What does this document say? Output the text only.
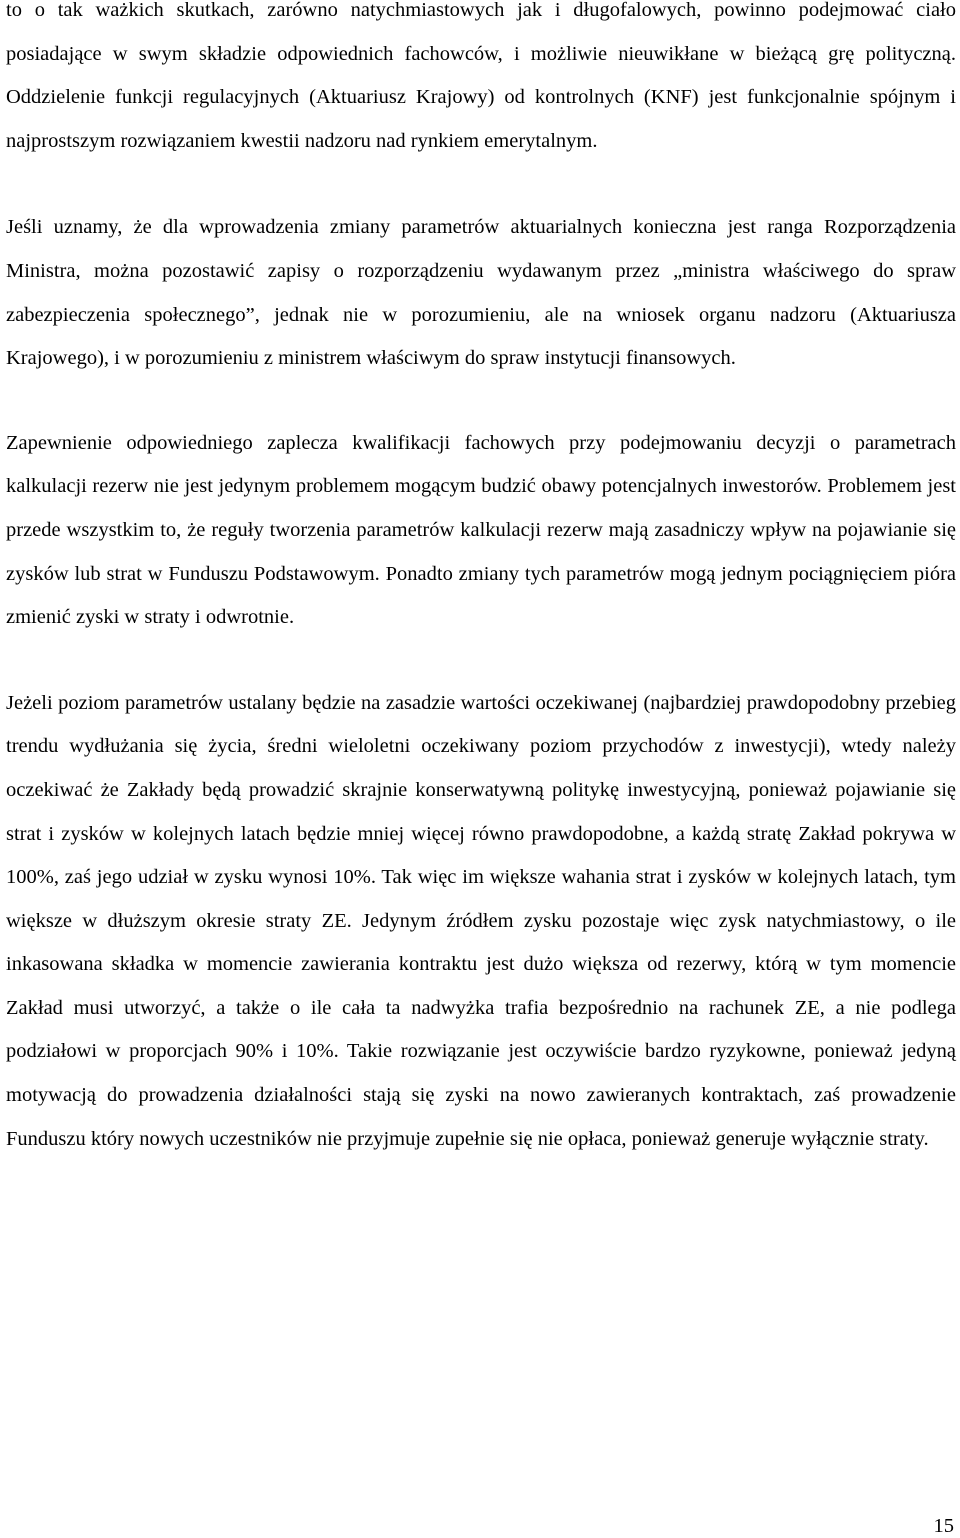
to o tak ważkich skutkach, zarówno natychmiastowych jak i długofalowych, powinno podejmować ciało posiadające w swym składzie odpowiednich fachowców, i możliwie nieuwikłane w bieżącą grę polityczną. Oddzielenie funkcji regulacyjnych (Aktuariusz Krajowy) od kontrolnych (KNF) jest funkcjonalnie spójnym i najprostszym rozwiązaniem kwestii nadzoru nad rynkiem emerytalnym.

Jeśli uznamy, że dla wprowadzenia zmiany parametrów aktuarialnych konieczna jest ranga Rozporządzenia Ministra, można pozostawić zapisy o rozporządzeniu wydawanym przez „ministra właściwego do spraw zabezpieczenia społecznego”, jednak nie w porozumieniu, ale na wniosek organu nadzoru (Aktuariusza Krajowego), i w porozumieniu z ministrem właściwym do spraw instytucji finansowych.

Zapewnienie odpowiedniego zaplecza kwalifikacji fachowych przy podejmowaniu decyzji o parametrach kalkulacji rezerw nie jest jedynym problemem mogącym budzić obawy potencjalnych inwestorów. Problemem jest przede wszystkim to, że reguły tworzenia parametrów kalkulacji rezerw mają zasadniczy wpływ na pojawianie się zysków lub strat w Funduszu Podstawowym. Ponadto zmiany tych parametrów mogą jednym pociągnięciem pióra zmienić zyski w straty i odwrotnie.

Jeżeli poziom parametrów ustalany będzie na zasadzie wartości oczekiwanej (najbardziej prawdopodobny przebieg trendu wydłużania się życia, średni wieloletni oczekiwany poziom przychodów z inwestycji), wtedy należy oczekiwać że Zakłady będą prowadzić skrajnie konserwatywną politykę inwestycyjną, ponieważ pojawianie się strat i zysków w kolejnych latach będzie mniej więcej równo prawdopodobne, a każdą stratę Zakład pokrywa w 100%, zaś jego udział w zysku wynosi 10%. Tak więc im większe wahania strat i zysków w kolejnych latach, tym większe w dłuższym okresie straty ZE. Jedynym źródłem zysku pozostaje więc zysk natychmiastowy, o ile inkasowana składka w momencie zawierania kontraktu jest dużo większa od rezerwy, którą w tym momencie Zakład musi utworzyć, a także o ile cała ta nadwyżka trafia bezpośrednio na rachunek ZE, a nie podlega podziałowi w proporcjach 90% i 10%. Takie rozwiązanie jest oczywiście bardzo ryzykowne, ponieważ jedyną motywacją do prowadzenia działalności stają się zyski na nowo zawieranych kontraktach, zaś prowadzenie Funduszu który nowych uczestników nie przyjmuje zupełnie się nie opłaca, ponieważ generuje wyłącznie straty.

15
